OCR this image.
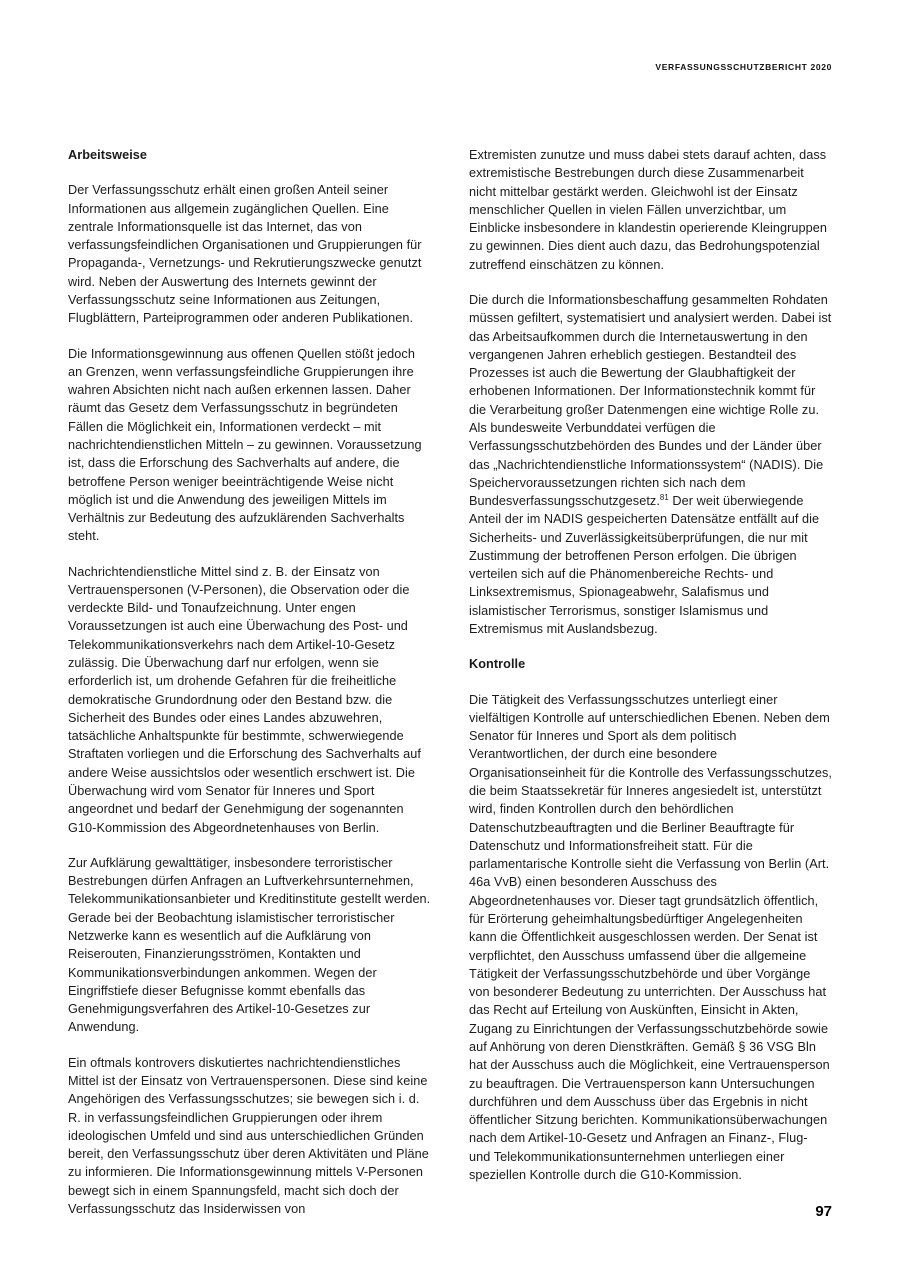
VERFASSUNGSSCHUTZBERICHT 2020

Arbeitsweise

Der Verfassungsschutz erhält einen großen Anteil seiner Informationen aus allgemein zugänglichen Quellen. Eine zentrale Informationsquelle ist das Internet, das von verfassungsfeindlichen Organisationen und Gruppierungen für Propaganda-, Vernetzungs- und Rekrutierungszwecke genutzt wird. Neben der Auswertung des Internets gewinnt der Verfassungsschutz seine Informationen aus Zeitungen, Flugblättern, Parteiprogrammen oder anderen Publikationen.

Die Informationsgewinnung aus offenen Quellen stößt jedoch an Grenzen, wenn verfassungsfeindliche Gruppierungen ihre wahren Absichten nicht nach außen erkennen lassen. Daher räumt das Gesetz dem Verfassungsschutz in begründeten Fällen die Möglichkeit ein, Informationen verdeckt – mit nachrichtendienstlichen Mitteln – zu gewinnen. Voraussetzung ist, dass die Erforschung des Sachverhalts auf andere, die betroffene Person weniger beeinträchtigende Weise nicht möglich ist und die Anwendung des jeweiligen Mittels im Verhältnis zur Bedeutung des aufzuklärenden Sachverhalts steht.

Nachrichtendienstliche Mittel sind z. B. der Einsatz von Vertrauenspersonen (V-Personen), die Observation oder die verdeckte Bild- und Tonaufzeichnung. Unter engen Voraussetzungen ist auch eine Überwachung des Post- und Telekommunikationsverkehrs nach dem Artikel-10-Gesetz zulässig. Die Überwachung darf nur erfolgen, wenn sie erforderlich ist, um drohende Gefahren für die freiheitliche demokratische Grundordnung oder den Bestand bzw. die Sicherheit des Bundes oder eines Landes abzuwehren, tatsächliche Anhaltspunkte für bestimmte, schwerwiegende Straftaten vorliegen und die Erforschung des Sachverhalts auf andere Weise aussichtslos oder wesentlich erschwert ist. Die Überwachung wird vom Senator für Inneres und Sport angeordnet und bedarf der Genehmigung der sogenannten G10-Kommission des Abgeordnetenhauses von Berlin.

Zur Aufklärung gewalttätiger, insbesondere terroristischer Bestrebungen dürfen Anfragen an Luftverkehrsunternehmen, Telekommunikationsanbieter und Kreditinstitute gestellt werden. Gerade bei der Beobachtung islamistischer terroristischer Netzwerke kann es wesentlich auf die Aufklärung von Reiserouten, Finanzierungsströmen, Kontakten und Kommunikationsverbindungen ankommen. Wegen der Eingriffstiefe dieser Befugnisse kommt ebenfalls das Genehmigungsverfahren des Artikel-10-Gesetzes zur Anwendung.

Ein oftmals kontrovers diskutiertes nachrichtendienstliches Mittel ist der Einsatz von Vertrauenspersonen. Diese sind keine Angehörigen des Verfassungsschutzes; sie bewegen sich i. d. R. in verfassungsfeindlichen Gruppierungen oder ihrem ideologischen Umfeld und sind aus unterschiedlichen Gründen bereit, den Verfassungsschutz über deren Aktivitäten und Pläne zu informieren. Die Informationsgewinnung mittels V-Personen bewegt sich in einem Spannungsfeld, macht sich doch der Verfassungsschutz das Insiderwissen von

Extremisten zunutze und muss dabei stets darauf achten, dass extremistische Bestrebungen durch diese Zusammenarbeit nicht mittelbar gestärkt werden. Gleichwohl ist der Einsatz menschlicher Quellen in vielen Fällen unverzichtbar, um Einblicke insbesondere in klandestin operierende Kleingruppen zu gewinnen. Dies dient auch dazu, das Bedrohungspotenzial zutreffend einschätzen zu können.

Die durch die Informationsbeschaffung gesammelten Rohdaten müssen gefiltert, systematisiert und analysiert werden. Dabei ist das Arbeitsaufkommen durch die Internetauswertung in den vergangenen Jahren erheblich gestiegen. Bestandteil des Prozesses ist auch die Bewertung der Glaubhaftigkeit der erhobenen Informationen. Der Informationstechnik kommt für die Verarbeitung großer Datenmengen eine wichtige Rolle zu. Als bundesweite Verbunddatei verfügen die Verfassungsschutzbehörden des Bundes und der Länder über das „Nachrichtendienstliche Informationssystem“ (NADIS). Die Speichervoraussetzungen richten sich nach dem Bundesverfassungsschutzgesetz.$^{81}$ Der weit überwiegende Anteil der im NADIS gespeicherten Datensätze entfällt auf die Sicherheits- und Zuverlässigkeitsüberprüfungen, die nur mit Zustimmung der betroffenen Person erfolgen. Die übrigen verteilen sich auf die Phänomenbereiche Rechts- und Linksextremismus, Spionageabwehr, Salafismus und islamistischer Terrorismus, sonstiger Islamismus und Extremismus mit Auslandsbezug.

Kontrolle

Die Tätigkeit des Verfassungsschutzes unterliegt einer vielfältigen Kontrolle auf unterschiedlichen Ebenen. Neben dem Senator für Inneres und Sport als dem politisch Verantwortlichen, der durch eine besondere Organisationseinheit für die Kontrolle des Verfassungsschutzes, die beim Staatssekretär für Inneres angesiedelt ist, unterstützt wird, finden Kontrollen durch den behördlichen Datenschutzbeauftragten und die Berliner Beauftragte für Datenschutz und Informationsfreiheit statt. Für die parlamentarische Kontrolle sieht die Verfassung von Berlin (Art. 46a VvB) einen besonderen Ausschuss des Abgeordnetenhauses vor. Dieser tagt grundsätzlich öffentlich, für Erörterung geheimhaltungsbedürftiger Angelegenheiten kann die Öffentlichkeit ausgeschlossen werden. Der Senat ist verpflichtet, den Ausschuss umfassend über die allgemeine Tätigkeit der Verfassungsschutzbehörde und über Vorgänge von besonderer Bedeutung zu unterrichten. Der Ausschuss hat das Recht auf Erteilung von Auskünften, Einsicht in Akten, Zugang zu Einrichtungen der Verfassungsschutzbehörde sowie auf Anhörung von deren Dienstkräften. Gemäß § 36 VSG Bln hat der Ausschuss auch die Möglichkeit, eine Vertrauensperson zu beauftragen. Die Vertrauensperson kann Untersuchungen durchführen und dem Ausschuss über das Ergebnis in nicht öffentlicher Sitzung berichten. Kommunikationsüberwachungen nach dem Artikel-10-Gesetz und Anfragen an Finanz-, Flug- und Telekommunikationsunternehmen unterliegen einer speziellen Kontrolle durch die G10-Kommission.

97
